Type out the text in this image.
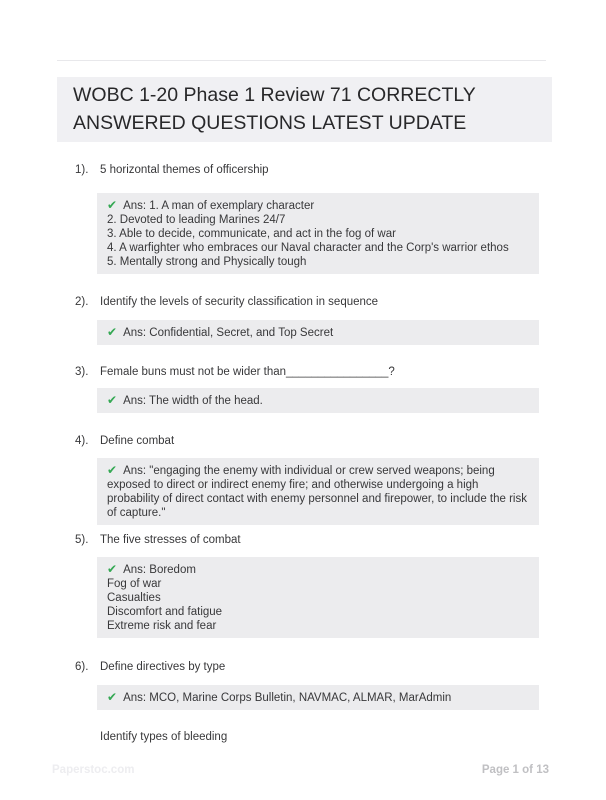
WOBC 1-20 Phase 1 Review 71 CORRECTLY ANSWERED QUESTIONS LATEST UPDATE
1).	5 horizontal themes of officership
✔ Ans: 1. A man of exemplary character
2. Devoted to leading Marines 24/7
3. Able to decide, communicate, and act in the fog of war
4. A warfighter who embraces our Naval character and the Corp's warrior ethos
5. Mentally strong and Physically tough
2).	Identify the levels of security classification in sequence
✔ Ans: Confidential, Secret, and Top Secret
3).	Female buns must not be wider than________________?
✔ Ans: The width of the head.
4).	Define combat
✔ Ans: "engaging the enemy with individual or crew served weapons; being exposed to direct or indirect enemy fire; and otherwise undergoing a high probability of direct contact with enemy personnel and firepower, to include the risk of capture."
5).	The five stresses of combat
✔ Ans: Boredom
Fog of war
Casualties
Discomfort and fatigue
Extreme risk and fear
6).	Define directives by type
✔ Ans: MCO, Marine Corps Bulletin, NAVMAC, ALMAR, MarAdmin
Identify types of bleeding
Paperstoc.com	Page 1 of 13
